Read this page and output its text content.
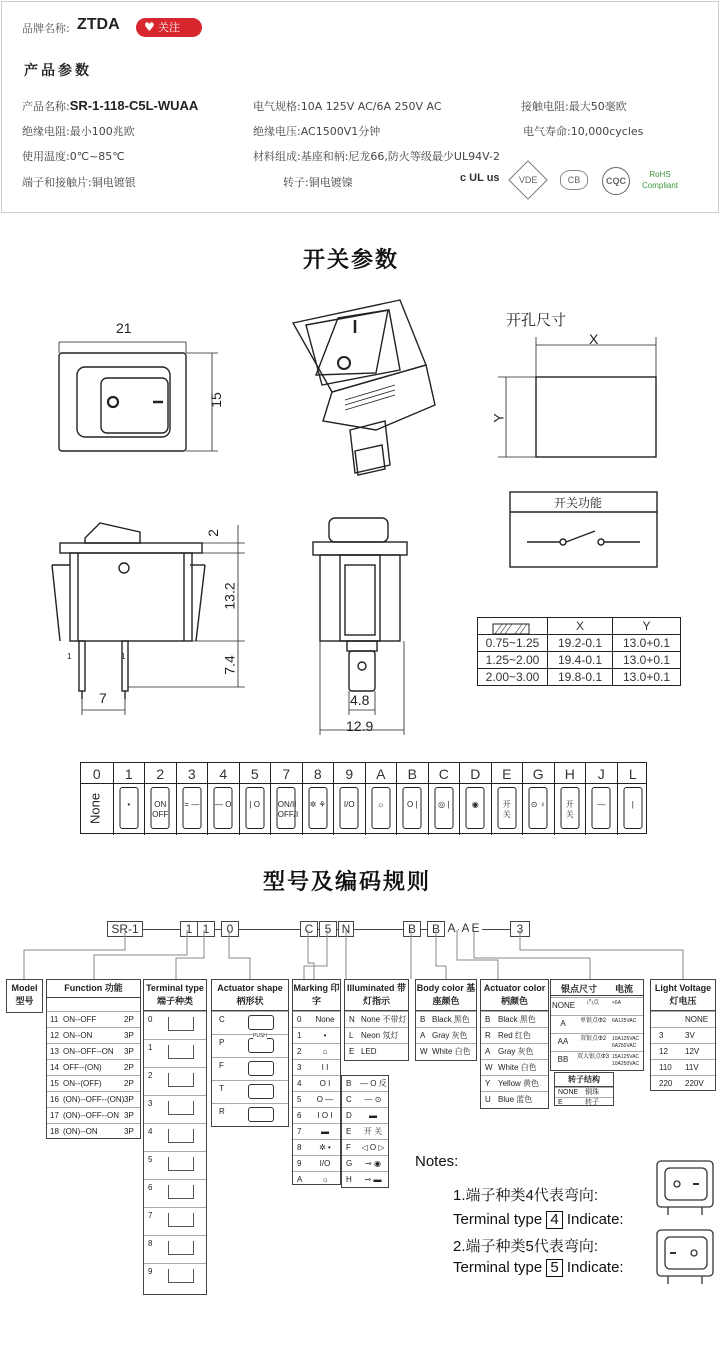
品牌名称: ZTDA ♥ 关注
产品参数
产品名称:SR-1-118-C5L-WUAA	电气规格:10A 125V AC/6A 250V AC	接触电阻:最大50毫欧
绝缘电阻:最小100兆欧	绝缘电压:AC1500V1分钟	电气寿命:10,000cycles
使用温度:0℃~85℃	材料组成:基座和柄:尼龙66,防火等级最少UL94V-2
端子和接触片:铜电镀银	转子:铜电镀镍	c UL us	VDE	CB	CQC
RoHS Compliant
开关参数
21
15
2
13.2
7.4
7	4.8
12.9
1	1
开孔尺寸
X
Y
开关功能
	X	Y
0.75~1.25	19.2-0.1	13.0+0.1
1.25~2.00	19.4-0.1	13.0+0.1
2.00~3.00	19.8-0.1	13.0+0.1
0
None
1
•
2
ON OFF
3
= —
4
— O
5
| O
7
ON/II OFF/I
8
✲ ⚘
9
I/O
A
☼
B
O |
C
◎ |
D
◉
E
开 关
G
⊙ ♀
H
开 关
J
—
L
|
型号及编码规则
SR-1	1 1	0	C 5 N	B	B A A E	3
Model 型号
Function 功能
11 ON--OFF	2P
12 ON--ON	3P
13 ON--OFF--ON 3P
14 OFF--(ON)	2P
15 ON--(OFF)	2P
16 (ON)--OFF--(ON) 3P
17 (ON)--OFF--ON 3P
18 (ON)--ON	3P
Terminal type 端子种类
0
1
2
3
4
5
6
7
8
9
Actuator shape 柄形状
C
P
F
T
R
PUSH
Marking 印字
0	None
1	•
2	⌂
3	I I
4	O I
5	O —
6	I O I
7	▬
8	✲ •
9	I/O
A	☼
B — O 反
C	— ⊙
D	▬
E	开 关
F ◁ O ▷
G	⊸ ◉
H	⊸ ▬
Illuminated 带灯指示
N None 不带灯
L Neon 氖灯
E LED
Body color 基座颜色
B Black 黑色
A Gray 灰色
W White 白色
Actuator color 柄颜色
B Black 黑色
R Red 红色
A Gray 灰色
W White 白色
Y Yellow 黄色
U Blue 蓝色
银点尺寸 电流
NONE	凸点	<6A
A	单银点Φ2	6A125VAC
AA	双银点Φ2	10A125VAC 6A250VAC
BB	双大银点Φ3 15A125VAC 10A250VAC
转子结构
NONE 铜珠
E	转子
Light Voltage 灯电压
NONE
3	3V
12 12V
110 11V
220 220V
Notes:
1.端子种类4代表弯向:
Terminal type 4 Indicate:
2.端子种类5代表弯向:
Terminal type 5 Indicate:
